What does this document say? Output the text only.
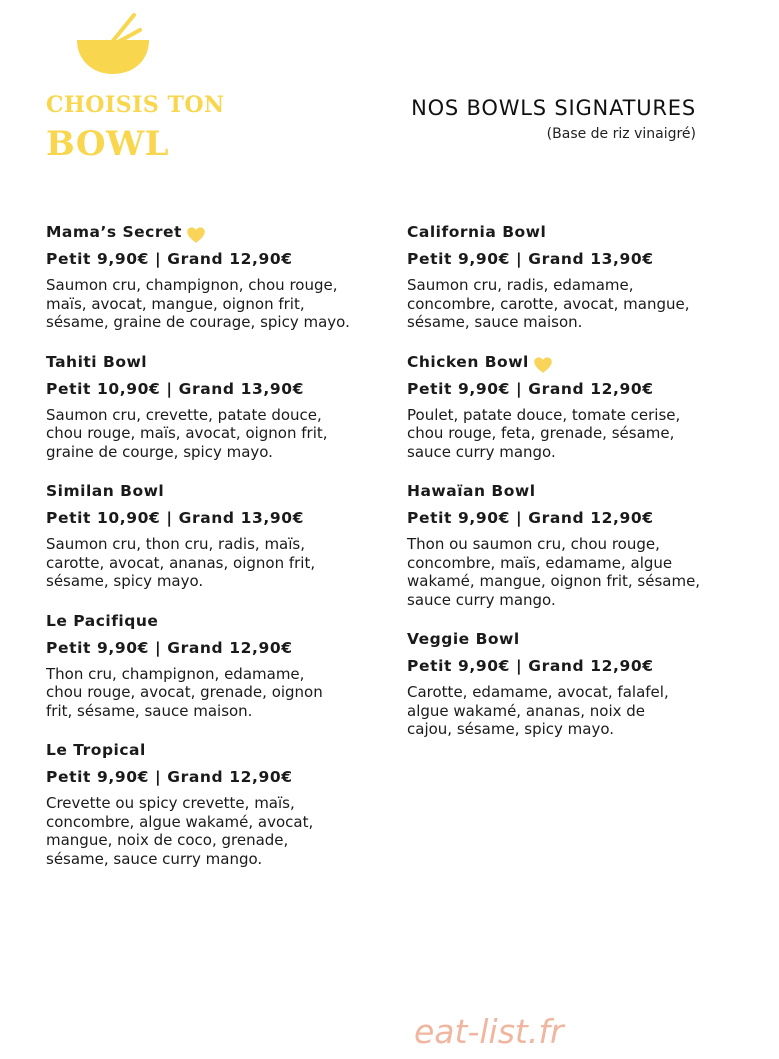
CHOISIS TON
BOWL
NOS BOWLS SIGNATURES
(Base de riz vinaigré)
Mama’s Secret
Petit 9,90€ | Grand 12,90€
Saumon cru, champignon, chou rouge,
maïs, avocat, mangue, oignon frit,
sésame, graine de courage, spicy mayo.
Tahiti Bowl
Petit 10,90€ | Grand 13,90€
Saumon cru, crevette, patate douce,
chou rouge, maïs, avocat, oignon frit,
graine de courge, spicy mayo.
Similan Bowl
Petit 10,90€ | Grand 13,90€
Saumon cru, thon cru, radis, maïs,
carotte, avocat, ananas, oignon frit,
sésame, spicy mayo.
Le Pacifique
Petit 9,90€ | Grand 12,90€
Thon cru, champignon, edamame,
chou rouge, avocat, grenade, oignon
frit, sésame, sauce maison.
Le Tropical
Petit 9,90€ | Grand 12,90€
Crevette ou spicy crevette, maïs,
concombre, algue wakamé, avocat,
mangue, noix de coco, grenade,
sésame, sauce curry mango.
California Bowl
Petit 9,90€ | Grand 13,90€
Saumon cru, radis, edamame,
concombre, carotte, avocat, mangue,
sésame, sauce maison.
Chicken Bowl
Petit 9,90€ | Grand 12,90€
Poulet, patate douce, tomate cerise,
chou rouge, feta, grenade, sésame,
sauce curry mango.
Hawaïan Bowl
Petit 9,90€ | Grand 12,90€
Thon ou saumon cru, chou rouge,
concombre, maïs, edamame, algue
wakamé, mangue, oignon frit, sésame,
sauce curry mango.
Veggie Bowl
Petit 9,90€ | Grand 12,90€
Carotte, edamame, avocat, falafel,
algue wakamé, ananas, noix de
cajou, sésame, spicy mayo.
eat-list.fr
